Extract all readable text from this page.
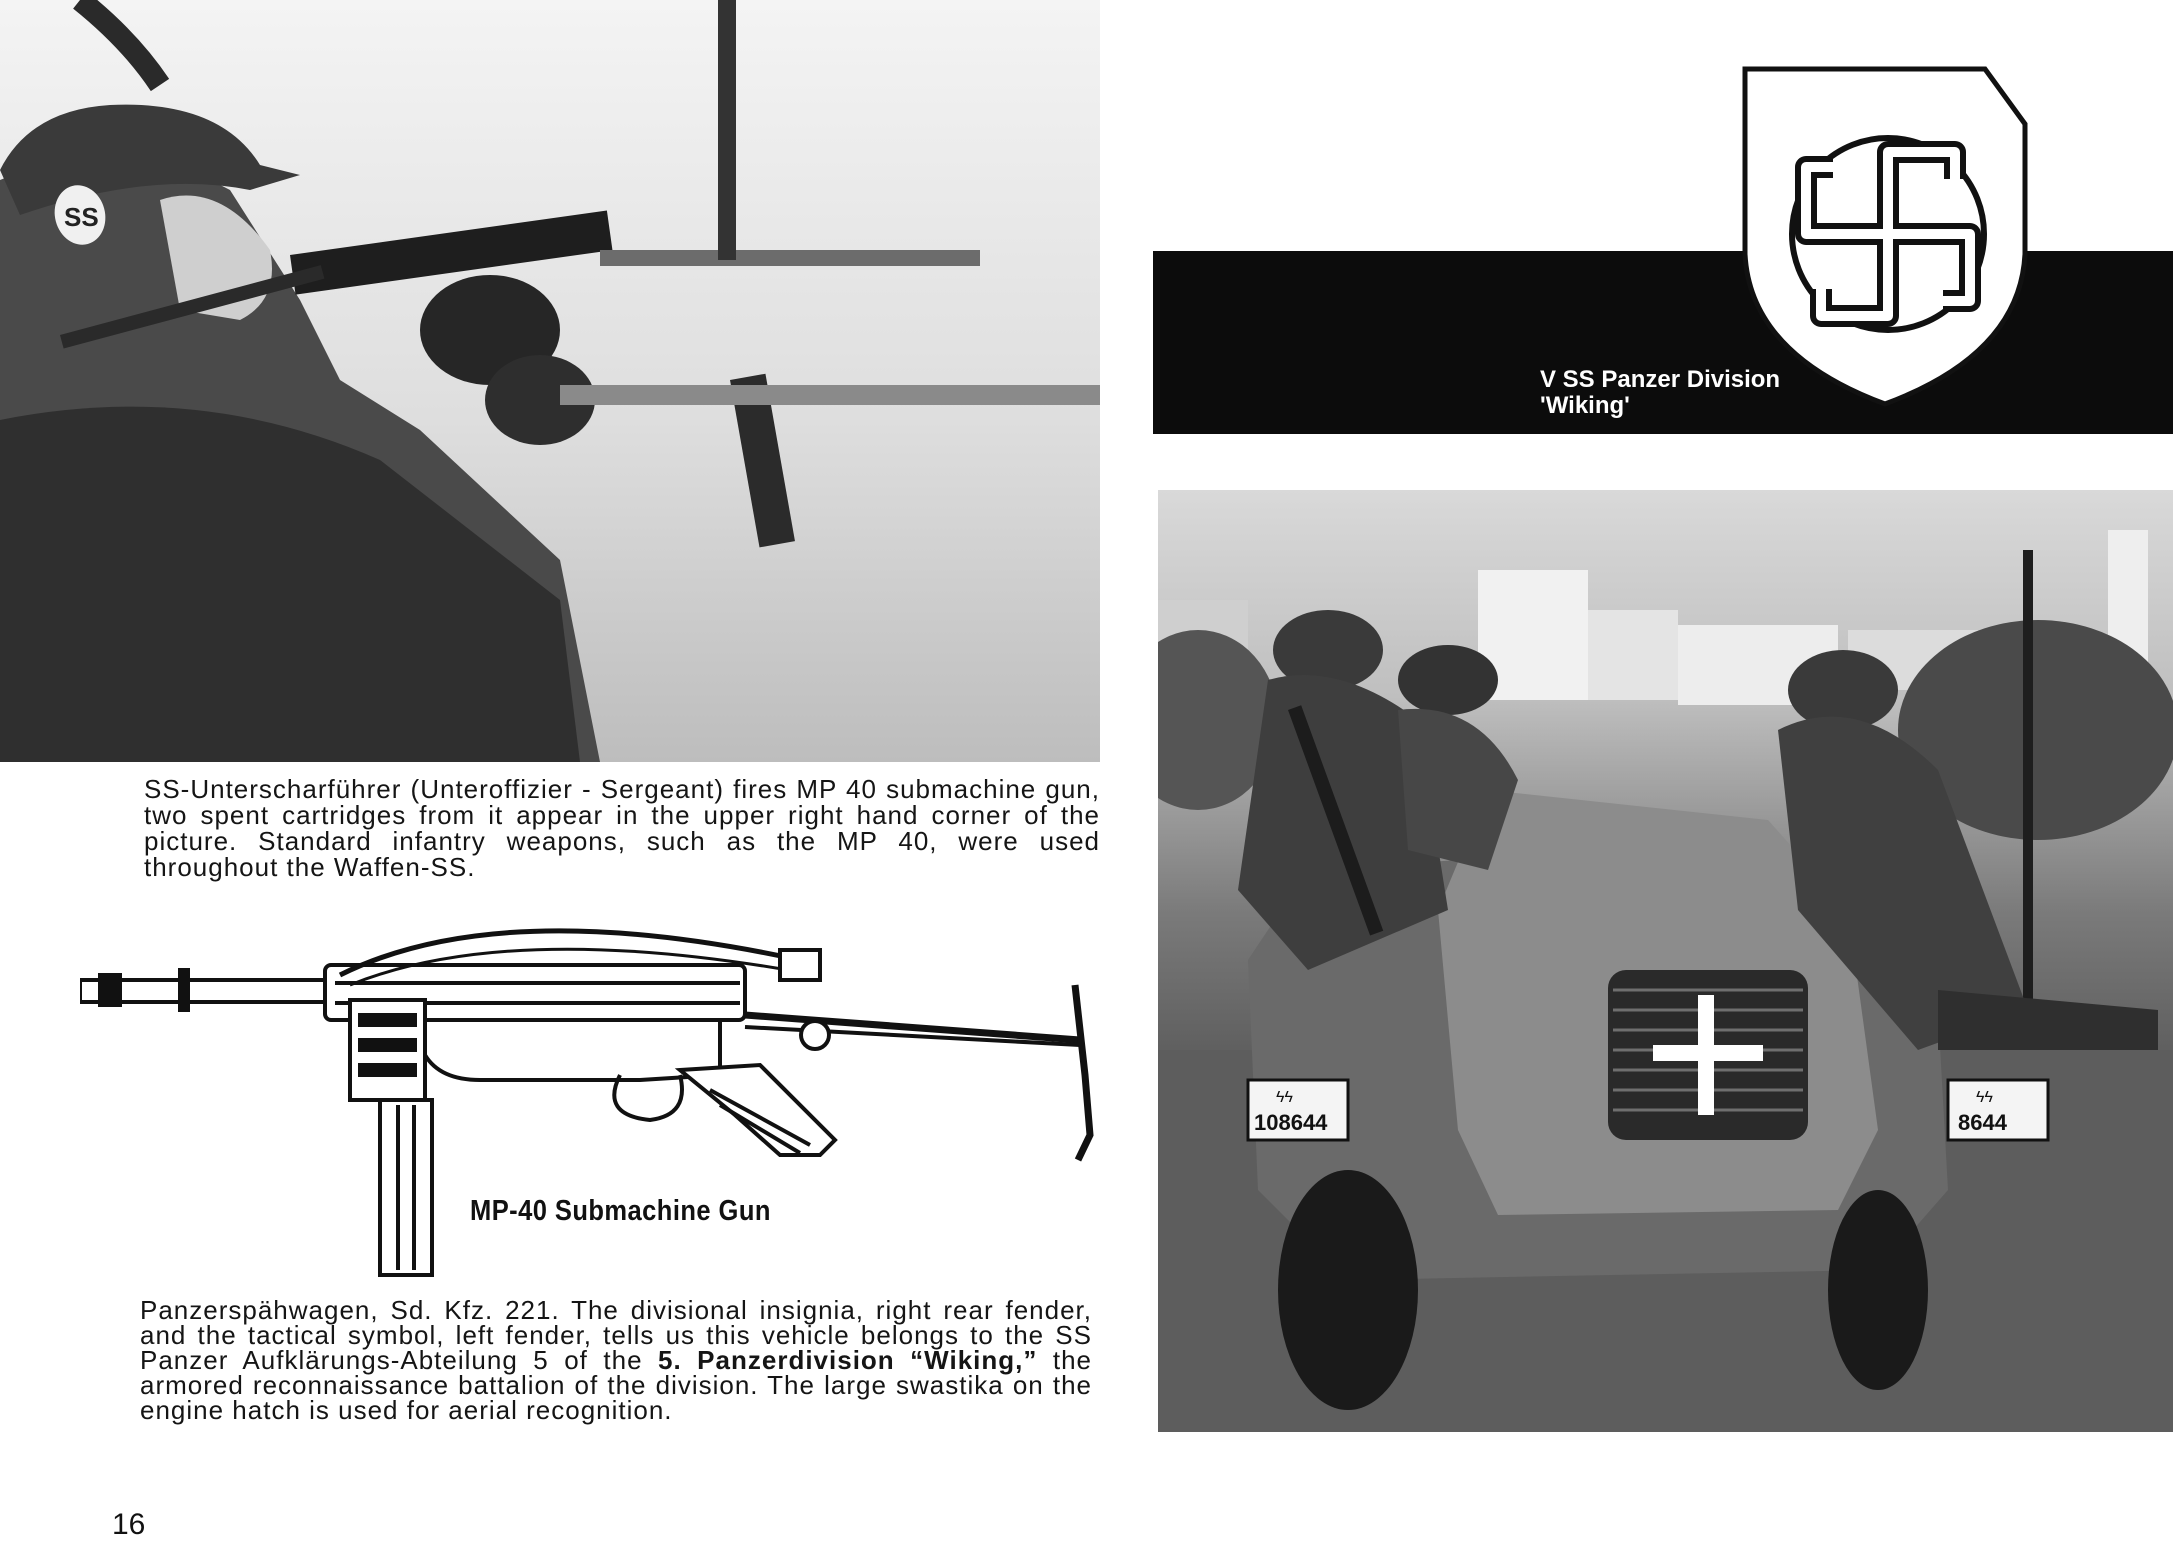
SS

SS-Unterscharführer (Unteroffizier - Sergeant) fires MP 40 submachine gun, two spent cartridges from it appear in the upper right hand corner of the picture. Standard infantry weapons, such as the MP 40, were used throughout the Waffen-SS.

MP-40 Submachine Gun

Panzerspähwagen, Sd. Kfz. 221. The divisional insignia, right rear fender, and the tactical symbol, left fender, tells us this vehicle belongs to the SS Panzer Aufklärungs-Abteilung 5 of the 5. Panzerdivision “Wiking,” the armored reconnaissance battalion of the division. The large swastika on the engine hatch is used for aerial recognition.

16
V SS Panzer Division
'Wiking'
ϟϟ
108644
ϟϟ
8644
